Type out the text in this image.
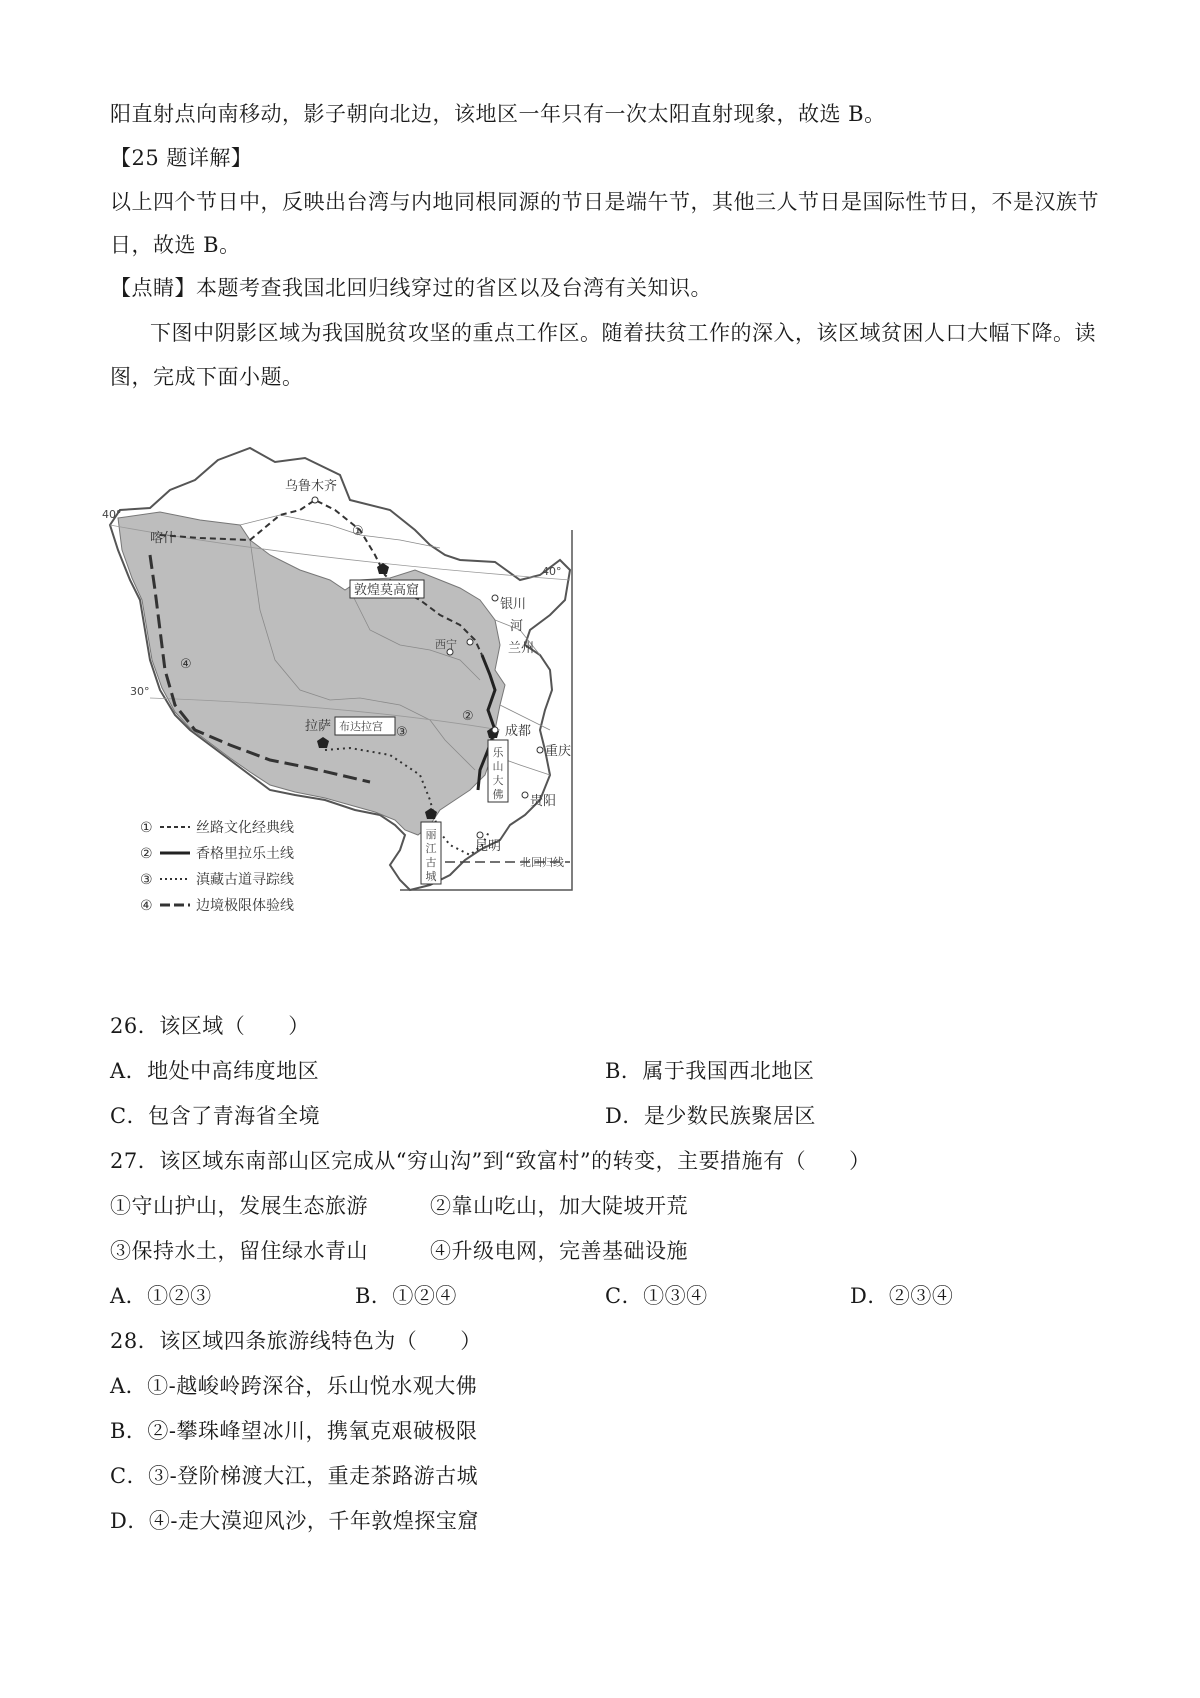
阳直射点向南移动，影子朝向北边，该地区一年只有一次太阳直射现象，故选 B。
【25 题详解】
以上四个节日中，反映出台湾与内地同根同源的节日是端午节，其他三人节日是国际性节日，不是汉族节
日，故选 B。
【点睛】本题考查我国北回归线穿过的省区以及台湾有关知识。
下图中阴影区域为我国脱贫攻坚的重点工作区。随着扶贫工作的深入，该区域贫困人口大幅下降。读
图，完成下面小题。
乌鲁木齐
喀什
敦煌莫高窟
银川
河
兰州
西宁
成都
重庆
贵阳
昆明
拉萨 布达拉宫
北回归线
40°
40°
30°
乐
山
大
佛
丽
江
古
城
①
②
③
④
①	丝路文化经典线
②	香格里拉乐土线
③	滇藏古道寻踪线
④	边境极限体验线
26．该区域（　　）
A．地处中高纬度地区	B．属于我国西北地区
C．包含了青海省全境	D．是少数民族聚居区
27．该区域东南部山区完成从“穷山沟”到“致富村”的转变，主要措施有（　　）
①守山护山，发展生态旅游	②靠山吃山，加大陡坡开荒
③保持水土，留住绿水青山	④升级电网，完善基础设施
A．①②③	B．①②④	C．①③④	D．②③④
28．该区域四条旅游线特色为（　　）
A．①-越峻岭跨深谷，乐山悦水观大佛
B．②-攀珠峰望冰川，携氧克艰破极限
C．③-登阶梯渡大江，重走茶路游古城
D．④-走大漠迎风沙，千年敦煌探宝窟
